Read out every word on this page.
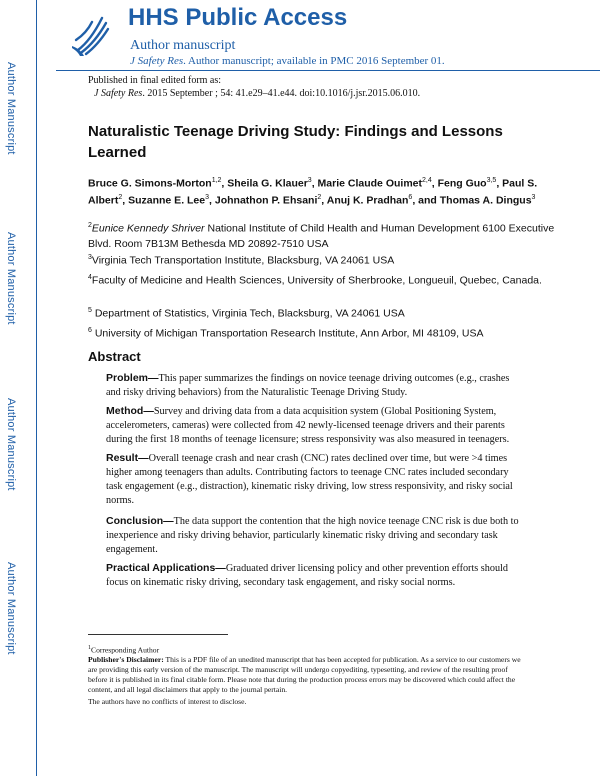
Author Manuscript
Author Manuscript
Author Manuscript
Author Manuscript
HHS Public Access
Author manuscript
J Safety Res. Author manuscript; available in PMC 2016 September 01.
Published in final edited form as:
J Safety Res. 2015 September ; 54: 41.e29–41.e44. doi:10.1016/j.jsr.2015.06.010.
Naturalistic Teenage Driving Study: Findings and Lessons Learned
Bruce G. Simons-Morton$^{1,2}$, Sheila G. Klauer$^3$, Marie Claude Ouimet$^{2,4}$, Feng Guo$^{3,5}$, Paul S. Albert$^2$, Suzanne E. Lee$^3$, Johnathon P. Ehsani$^2$, Anuj K. Pradhan$^6$, and Thomas A. Dingus$^3$
$^2$Eunice Kennedy Shriver National Institute of Child Health and Human Development 6100 Executive Blvd. Room 7B13M Bethesda MD 20892-7510 USA
$^3$Virginia Tech Transportation Institute, Blacksburg, VA 24061 USA
$^4$Faculty of Medicine and Health Sciences, University of Sherbrooke, Longueuil, Quebec, Canada.
$^5$ Department of Statistics, Virginia Tech, Blacksburg, VA 24061 USA
$^6$ University of Michigan Transportation Research Institute, Ann Arbor, MI 48109, USA
Abstract
Problem—This paper summarizes the findings on novice teenage driving outcomes (e.g., crashes and risky driving behaviors) from the Naturalistic Teenage Driving Study.
Method—Survey and driving data from a data acquisition system (Global Positioning System, accelerometers, cameras) were collected from 42 newly-licensed teenage drivers and their parents during the first 18 months of teenage licensure; stress responsivity was also measured in teenagers.
Result—Overall teenage crash and near crash (CNC) rates declined over time, but were >4 times higher among teenagers than adults. Contributing factors to teenage CNC rates included secondary task engagement (e.g., distraction), kinematic risky driving, low stress responsivity, and risky social norms.
Conclusion—The data support the contention that the high novice teenage CNC risk is due both to inexperience and risky driving behavior, particularly kinematic risky driving and secondary task engagement.
Practical Applications—Graduated driver licensing policy and other prevention efforts should focus on kinematic risky driving, secondary task engagement, and risky social norms.
$^1$Corresponding Author
Publisher's Disclaimer: This is a PDF file of an unedited manuscript that has been accepted for publication. As a service to our customers we are providing this early version of the manuscript. The manuscript will undergo copyediting, typesetting, and review of the resulting proof before it is published in its final citable form. Please note that during the production process errors may be discovered which could affect the content, and all legal disclaimers that apply to the journal pertain.
The authors have no conflicts of interest to disclose.
